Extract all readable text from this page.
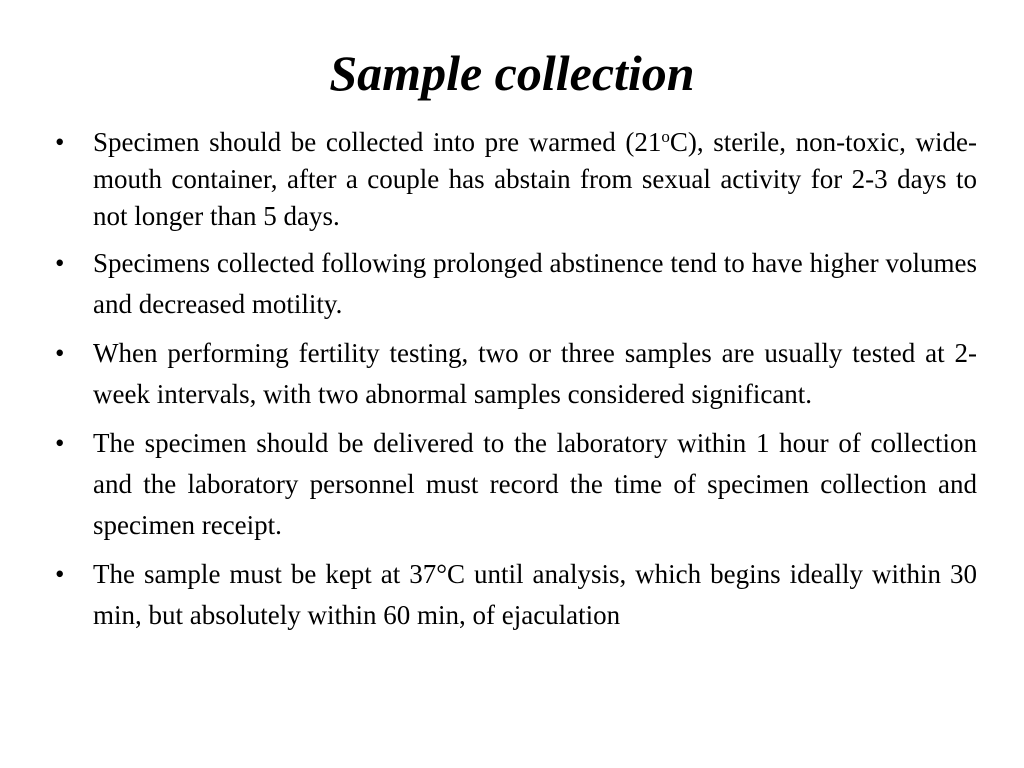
Sample collection
•	Specimen should be collected into pre warmed (21$^o$C), sterile, non-toxic, wide-mouth container, after a couple has abstain from sexual activity for 2-3 days to not longer than 5 days.
•	Specimens collected following prolonged abstinence tend to have higher volumes and decreased motility.
•	When performing fertility testing, two or three samples are usually tested at 2-week intervals, with two abnormal samples considered significant.
•	The specimen should be delivered to the laboratory within 1 hour of collection and the laboratory personnel must record the time of specimen collection and specimen receipt.
•	The sample must be kept at 37°C until analysis, which begins ideally within 30 min, but absolutely within 60 min, of ejaculation
